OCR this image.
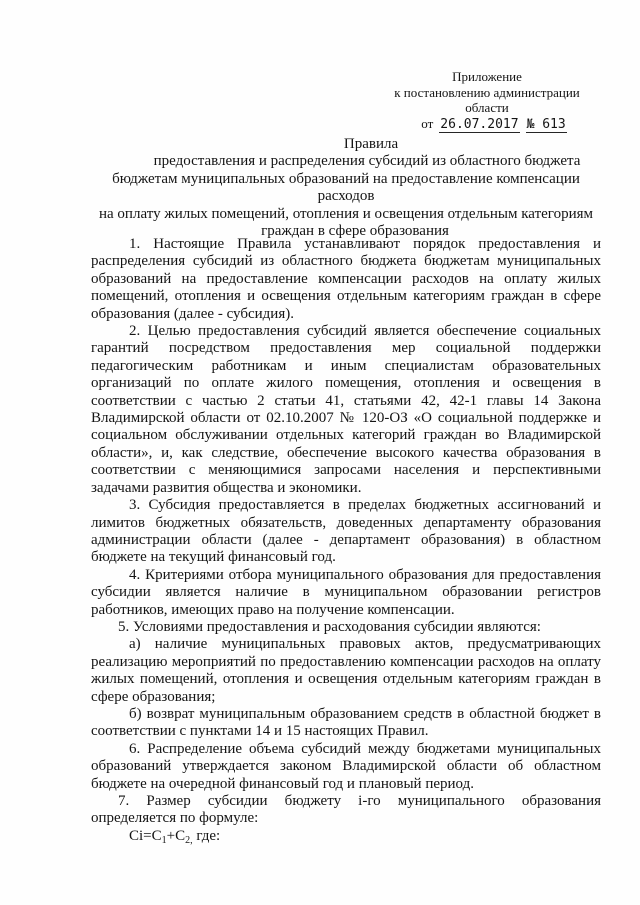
Приложение
к постановлению администрации области
от 26.07.2017 № 613
Правила
предоставления и распределения субсидий из областного бюджета
бюджетам муниципальных образований на предоставление компенсации расходов
на оплату жилых помещений, отопления и освещения отдельным категориям
граждан в сфере образования

1. Настоящие Правила устанавливают порядок предоставления и распределения субсидий из областного бюджета бюджетам муниципальных образований на предоставление компенсации расходов на оплату жилых помещений, отопления и освещения отдельным категориям граждан в сфере образования (далее - субсидия).

2. Целью предоставления субсидий является обеспечение социальных гарантий посредством предоставления мер социальной поддержки педагогическим работникам и иным специалистам образовательных организаций по оплате жилого помещения, отопления и освещения в соответствии с частью 2 статьи 41, статьями 42, 42-1 главы 14 Закона Владимирской области от 02.10.2007 № 120-ОЗ «О социальной поддержке и социальном обслуживании отдельных категорий граждан во Владимирской области», и, как следствие, обеспечение высокого качества образования в соответствии с меняющимися запросами населения и перспективными задачами развития общества и экономики.

3. Субсидия предоставляется в пределах бюджетных ассигнований и лимитов бюджетных обязательств, доведенных департаменту образования администрации области (далее - департамент образования) в областном бюджете на текущий финансовый год.

4. Критериями отбора муниципального образования для предоставления субсидии является наличие в муниципальном образовании регистров работников, имеющих право на получение компенсации.

5. Условиями предоставления и расходования субсидии являются:

а) наличие муниципальных правовых актов, предусматривающих реализацию мероприятий по предоставлению компенсации расходов на оплату жилых помещений, отопления и освещения отдельным категориям граждан в сфере образования;

б) возврат муниципальным образованием средств в областной бюджет в соответствии с пунктами 14 и 15 настоящих Правил.

6. Распределение объема субсидий между бюджетами муниципальных образований утверждается законом Владимирской области об областном бюджете на очередной финансовый год и плановый период.

7. Размер субсидии бюджету i-го муниципального образования определяется по формуле:

$Сi=С_1+С_{2,}$ где:
